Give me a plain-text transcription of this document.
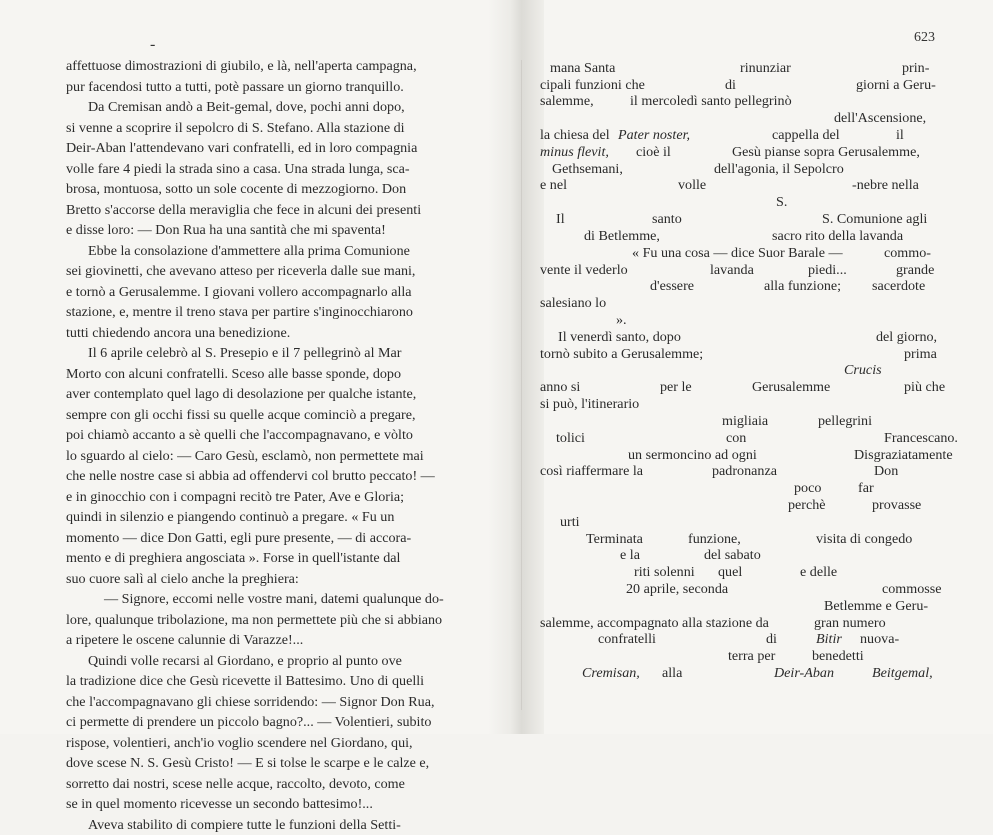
-	623
affettuose dimostrazioni di giubilo, e là, nell'aperta campagna,
pur facendosi tutto a tutti, potè passare un giorno tranquillo.
Da Cremisan andò a Beit-gemal, dove, pochi anni dopo,
si venne a scoprire il sepolcro di S. Stefano. Alla stazione di
Deir-Aban l'attendevano vari confratelli, ed in loro compagnia
volle fare 4 piedi la strada sino a casa. Una strada lunga, sca-
brosa, montuosa, sotto un sole cocente di mezzogiorno. Don
Bretto s'accorse della meraviglia che fece in alcuni dei presenti
e disse loro: — Don Rua ha una santità che mi spaventa!
Ebbe la consolazione d'ammettere alla prima Comunione
sei giovinetti, che avevano atteso per riceverla dalle sue mani,
e tornò a Gerusalemme. I giovani vollero accompagnarlo alla
stazione, e, mentre il treno stava per partire s'inginocchiarono
tutti chiedendo ancora una benedizione.
Il 6 aprile celebrò al S. Presepio e il 7 pellegrinò al Mar
Morto con alcuni confratelli. Sceso alle basse sponde, dopo
aver contemplato quel lago di desolazione per qualche istante,
sempre con gli occhi fissi su quelle acque cominciò a pregare,
poi chiamò accanto a sè quelli che l'accompagnavano, e vòlto
lo sguardo al cielo: — Caro Gesù, esclamò, non permettete mai
che nelle nostre case si abbia ad offendervi col brutto peccato! —
e in ginocchio con i compagni recitò tre Pater, Ave e Gloria;
quindi in silenzio e piangendo continuò a pregare. « Fu un
momento — dice Don Gatti, egli pure presente, — di accora-
mento e di preghiera angosciata ». Forse in quell'istante dal
suo cuore salì al cielo anche la preghiera:
— Signore, eccomi nelle vostre mani, datemi qualunque do-
lore, qualunque tribolazione, ma non permettete più che si abbiano
a ripetere le oscene calunnie di Varazze!...
Quindi volle recarsi al Giordano, e proprio al punto ove
la tradizione dice che Gesù ricevette il Battesimo. Uno di quelli
che l'accompagnavano gli chiese sorridendo: — Signor Don Rua,
ci permette di prendere un piccolo bagno?... — Volentieri, subito
rispose, volentieri, anch'io voglio scendere nel Giordano, qui,
dove scese N. S. Gesù Cristo! — E si tolse le scarpe e le calze e,
sorretto dai nostri, scese nelle acque, raccolto, devoto, come
se in quel momento ricevesse un secondo battesimo!...
Aveva stabilito di compiere tutte le funzioni della Setti-
mana Santa	rinunziar	prin-
cipali funzioni che	di	giorni a Geru-
salemme,	il mercoledì santo pellegrinò
dell'Ascensione,
la chiesa del Pater noster,	cappella del	il
minus flevit, cioè il	Gesù pianse sopra Gerusalemme,
Gethsemani,	dell'agonia, il Sepolcro
e nel	volle	-nebre nella
S.
Il	santo	S. Comunione agli
di Betlemme,	sacro rito della lavanda
« Fu una cosa — dice Suor Barale —	commo-
vente il vederlo	lavanda	piedi...	grande
d'essere	alla funzione; sacerdote
salesiano lo
».
Il venerdì santo, dopo	del giorno,
tornò subito a Gerusalemme;	prima
Crucis
anno si	per le	Gerusalemme	più che
si può, l'itinerario
migliaia	pellegrini
tolici	con	Francescano.
un sermoncino ad ogni	Disgraziatamente
così riaffermare la	padronanza	Don
poco	far
perchè	provasse
urti
Terminata	funzione,	visita di congedo
e la	del sabato
riti solenni quel	e delle
20 aprile, seconda	commosse
Betlemme e Geru-
salemme, accompagnato alla stazione da	gran numero
confratelli	di	Bitir nuova-
terra per	benedetti
Cremisan, alla	Deir-Aban	Beitgemal,
